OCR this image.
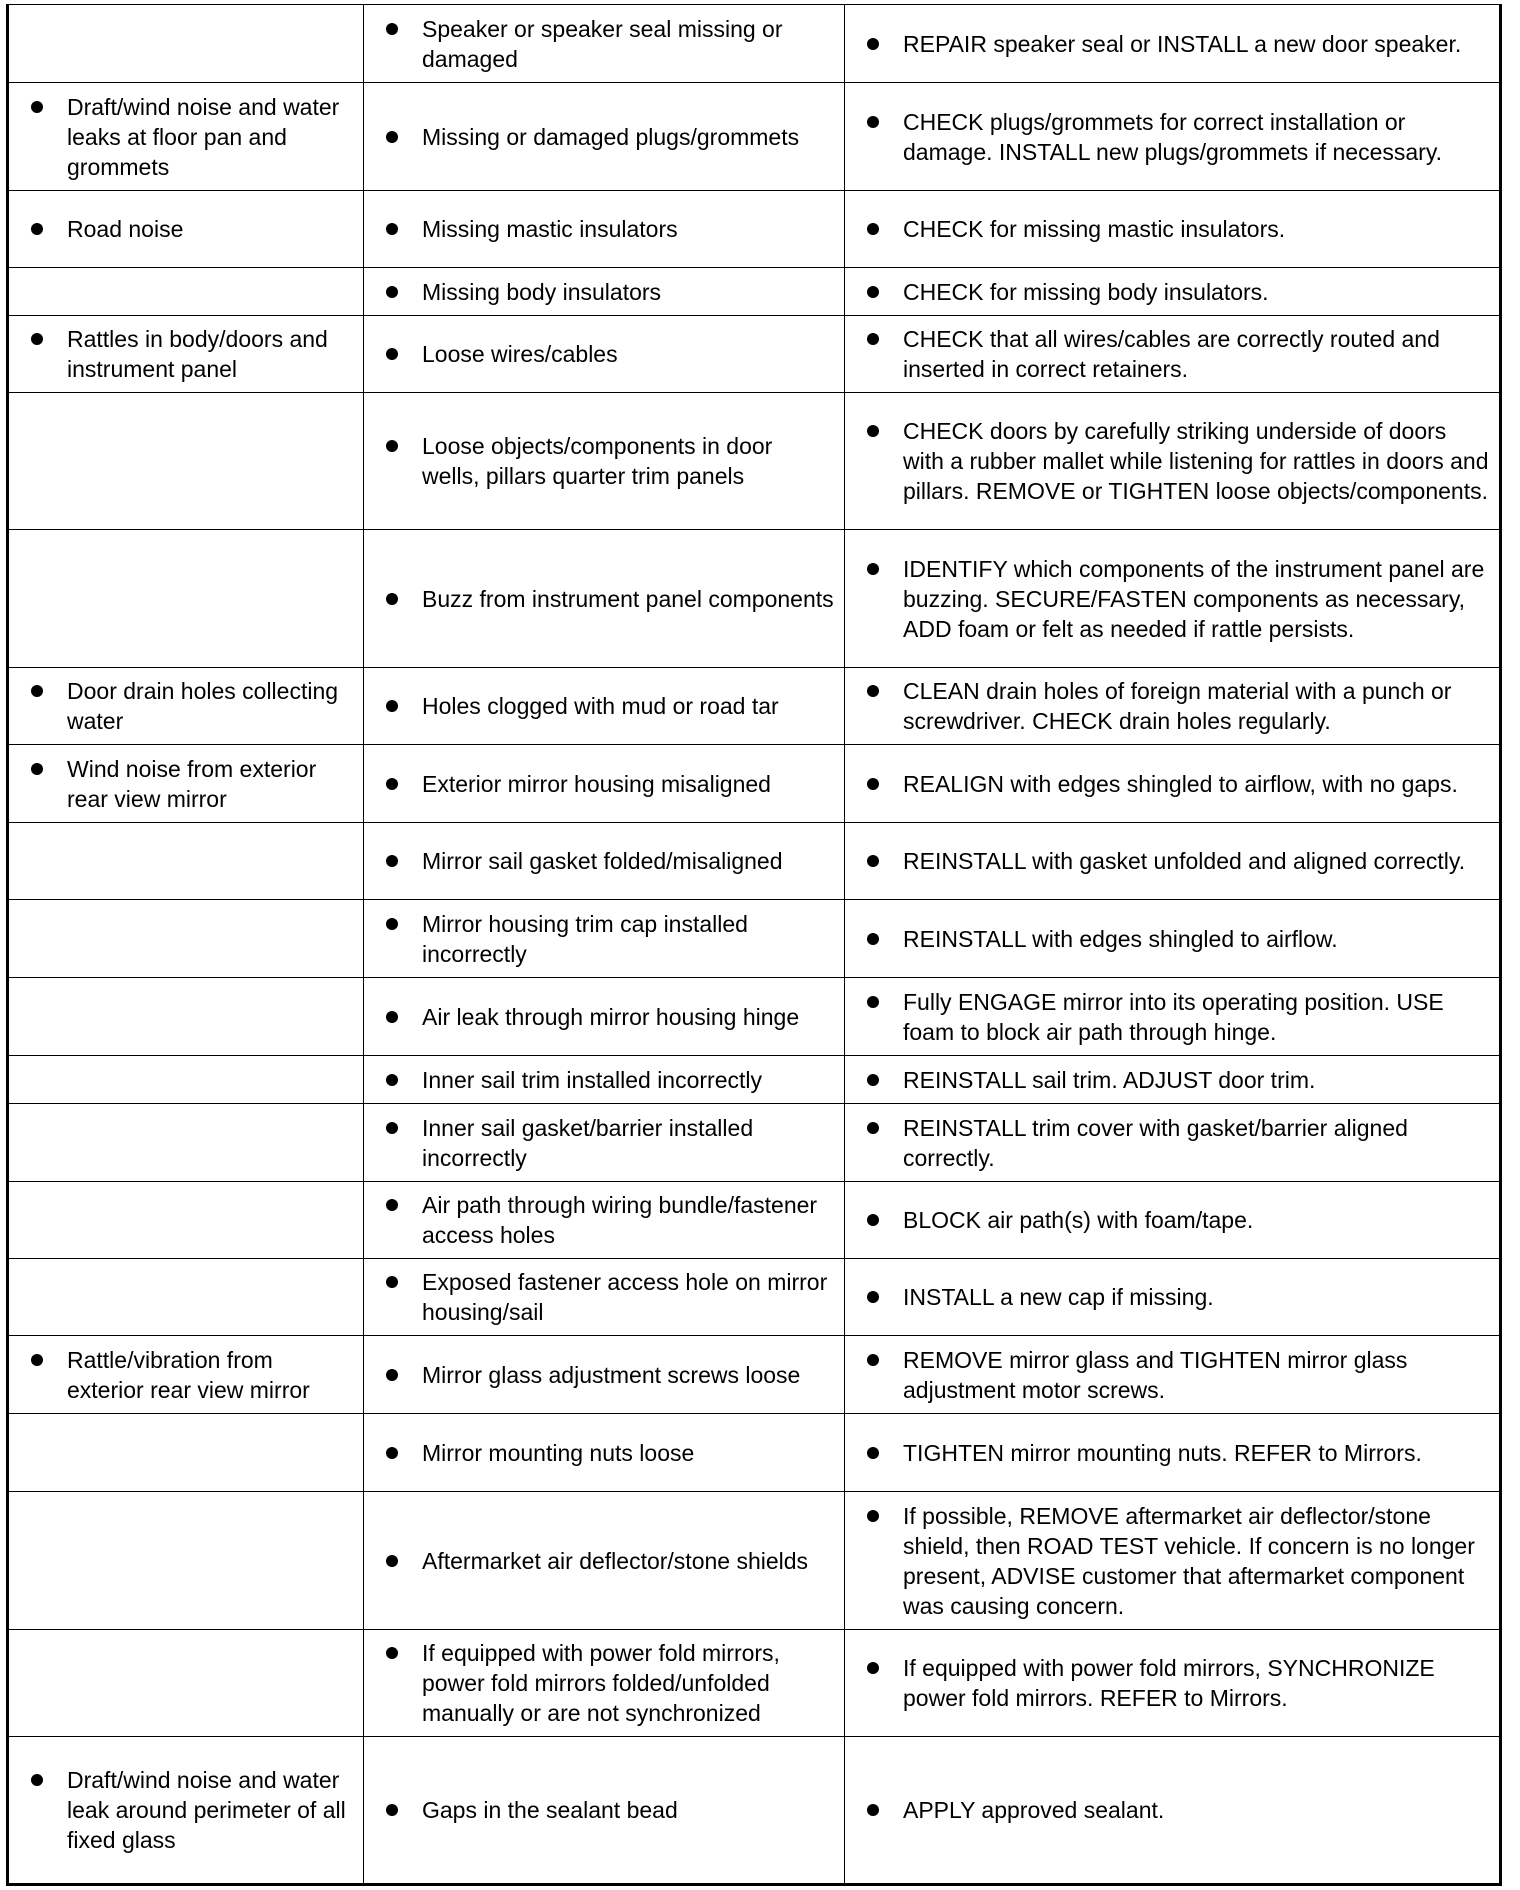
	Speaker or speaker seal missing or damaged	REPAIR speaker seal or INSTALL a new door speaker.

Draft/wind noise and water leaks at floor pan and grommets	Missing or damaged plugs/grommets	CHECK plugs/grommets for correct installation or damage. INSTALL new plugs/grommets if necessary.

Road noise	Missing mastic insulators	CHECK for missing mastic insulators.

	Missing body insulators	CHECK for missing body insulators.

Rattles in body/doors and instrument panel	Loose wires/cables	CHECK that all wires/cables are correctly routed and inserted in correct retainers.

	Loose objects/components in door wells, pillars quarter trim panels	CHECK doors by carefully striking underside of doors with a rubber mallet while listening for rattles in doors and pillars. REMOVE or TIGHTEN loose objects/components.

	Buzz from instrument panel components	IDENTIFY which components of the instrument panel are buzzing. SECURE/FASTEN components as necessary, ADD foam or felt as needed if rattle persists.

Door drain holes collecting water	Holes clogged with mud or road tar	CLEAN drain holes of foreign material with a punch or screwdriver. CHECK drain holes regularly.

Wind noise from exterior rear view mirror	Exterior mirror housing misaligned	REALIGN with edges shingled to airflow, with no gaps.

	Mirror sail gasket folded/misaligned	REINSTALL with gasket unfolded and aligned correctly.

	Mirror housing trim cap installed incorrectly	REINSTALL with edges shingled to airflow.

	Air leak through mirror housing hinge	Fully ENGAGE mirror into its operating position. USE foam to block air path through hinge.

	Inner sail trim installed incorrectly	REINSTALL sail trim. ADJUST door trim.

	Inner sail gasket/barrier installed incorrectly	REINSTALL trim cover with gasket/barrier aligned correctly.

	Air path through wiring bundle/fastener access holes	BLOCK air path(s) with foam/tape.

	Exposed fastener access hole on mirror housing/sail	INSTALL a new cap if missing.

Rattle/vibration from exterior rear view mirror	Mirror glass adjustment screws loose	REMOVE mirror glass and TIGHTEN mirror glass adjustment motor screws.

	Mirror mounting nuts loose	TIGHTEN mirror mounting nuts. REFER to Mirrors.

	Aftermarket air deflector/stone shields	If possible, REMOVE aftermarket air deflector/stone shield, then ROAD TEST vehicle. If concern is no longer present, ADVISE customer that aftermarket component was causing concern.

	If equipped with power fold mirrors, power fold mirrors folded/unfolded manually or are not synchronized	If equipped with power fold mirrors, SYNCHRONIZE power fold mirrors. REFER to Mirrors.

Draft/wind noise and water leak around perimeter of all fixed glass	Gaps in the sealant bead	APPLY approved sealant.
